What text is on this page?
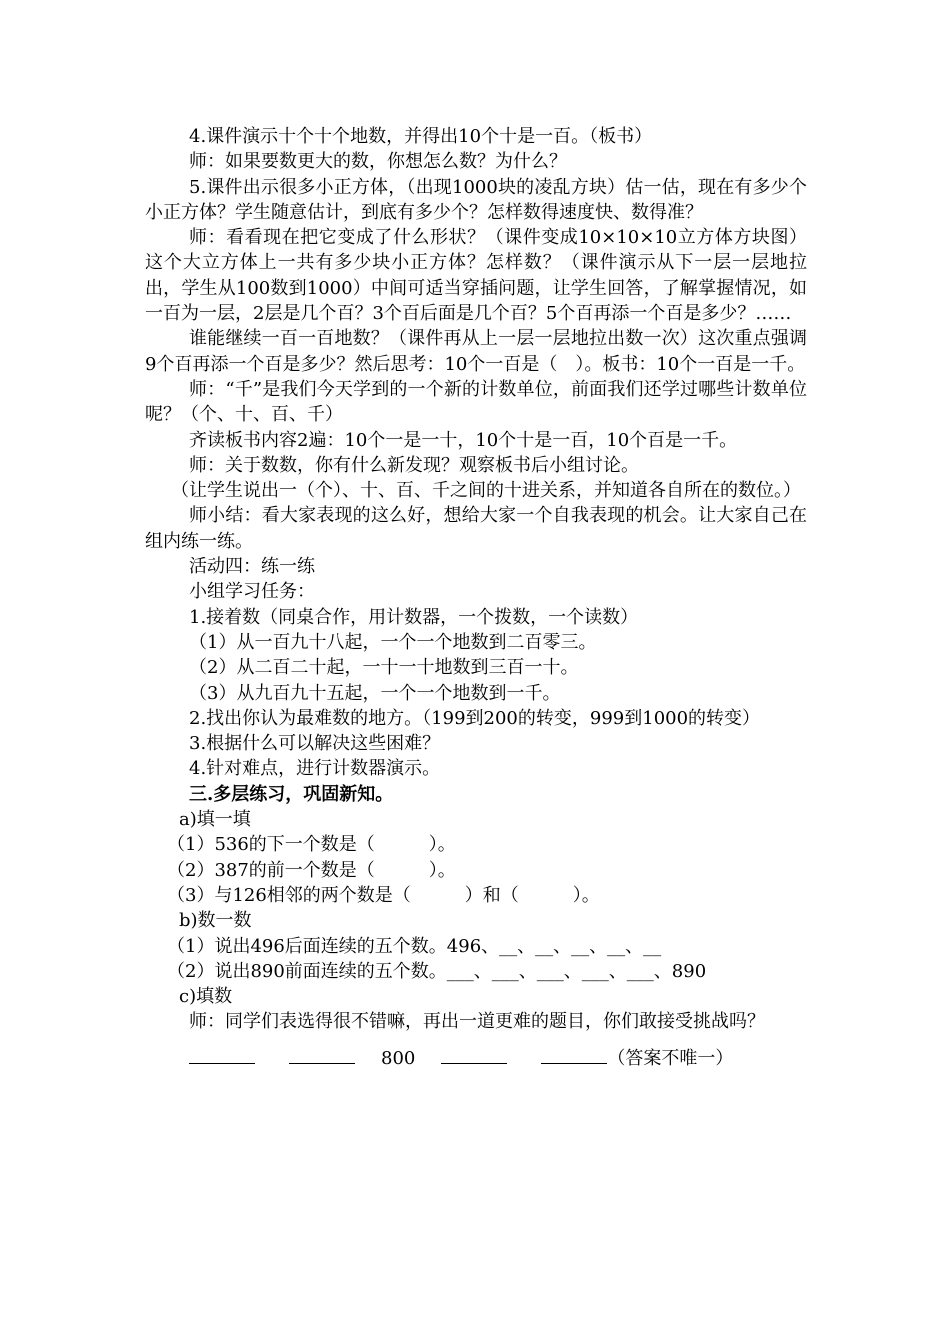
4.课件演示十个十个地数，并得出10个十是一百。（板书）

师：如果要数更大的数，你想怎么数？为什么？

5.课件出示很多小正方体，（出现1000块的凌乱方块）估一估，现在有多少个小正方体？学生随意估计，到底有多少个？怎样数得速度快、数得准？

师：看看现在把它变成了什么形状？（课件变成10×10×10立方体方块图）这个大立方体上一共有多少块小正方体？怎样数？（课件演示从下一层一层地拉出，学生从100数到1000）中间可适当穿插问题，让学生回答，了解掌握情况，如一百为一层，2层是几个百？3个百后面是几个百？5个百再添一个百是多少？……

谁能继续一百一百地数？（课件再从上一层一层地拉出数一次）这次重点强调9个百再添一个百是多少？然后思考：10个一百是（　）。板书：10个一百是一千。

师：“千”是我们今天学到的一个新的计数单位，前面我们还学过哪些计数单位呢？（个、十、百、千）

齐读板书内容2遍：10个一是一十，10个十是一百，10个百是一千。

师：关于数数，你有什么新发现？观察板书后小组讨论。

（让学生说出一（个）、十、百、千之间的十进关系，并知道各自所在的数位。）

师小结：看大家表现的这么好，想给大家一个自我表现的机会。让大家自己在组内练一练。

活动四：练一练

小组学习任务：

1.接着数（同桌合作，用计数器，一个拨数，一个读数）

（1）从一百九十八起，一个一个地数到二百零三。

（2）从二百二十起，一十一十地数到三百一十。

（3）从九百九十五起，一个一个地数到一千。

2.找出你认为最难数的地方。（199到200的转变，999到1000的转变）

3.根据什么可以解决这些困难？

4.针对难点，进行计数器演示。

三.多层练习，巩固新知。

a)填一填

（1）536的下一个数是（　　　）。

（2）387的前一个数是（　　　）。

（3）与126相邻的两个数是（　　　）和（　　　）。

b)数一数

（1）说出496后面连续的五个数。496、__、__、__、__、__

（2）说出890前面连续的五个数。___、___、___、___、___、890

c)填数

师：同学们表选得很不错嘛，再出一道更难的题目，你们敢接受挑战吗？

800	（答案不唯一）
